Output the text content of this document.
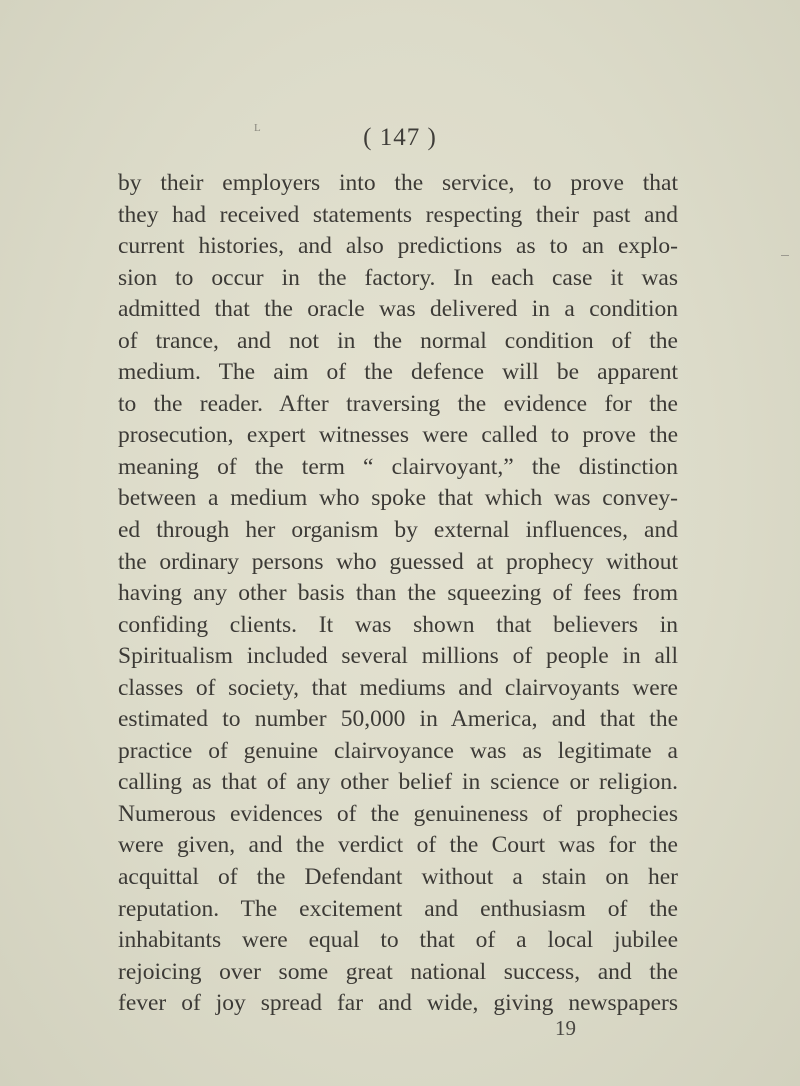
L	( 147 )
by their employers into the service, to prove that
they had received statements respecting their past and
current histories, and also predictions as to an explo-
sion to occur in the factory. In each case it was
admitted that the oracle was delivered in a condition
of trance, and not in the normal condition of the
medium. The aim of the defence will be apparent
to the reader. After traversing the evidence for the
prosecution, expert witnesses were called to prove the
meaning of the term “ clairvoyant,” the distinction
between a medium who spoke that which was convey-
ed through her organism by external influences, and
the ordinary persons who guessed at prophecy without
having any other basis than the squeezing of fees from
confiding clients. It was shown that believers in
Spiritualism included several millions of people in all
classes of society, that mediums and clairvoyants were
estimated to number 50,000 in America, and that the
practice of genuine clairvoyance was as legitimate a
calling as that of any other belief in science or religion.
Numerous evidences of the genuineness of prophecies
were given, and the verdict of the Court was for the
acquittal of the Defendant without a stain on her
reputation. The excitement and enthusiasm of the
inhabitants were equal to that of a local jubilee
rejoicing over some great national success, and the
fever of joy spread far and wide, giving newspapers
19
